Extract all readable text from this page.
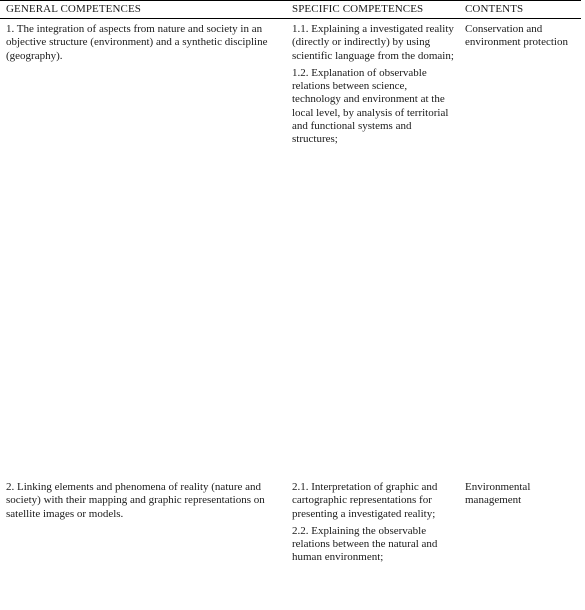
GENERAL COMPETENCES	SPECIFIC COMPETENCES	CONTENTS
1. The integration of aspects from nature and society in an objective structure (environment) and a synthetic discipline (geography).

1.1. Explaining a investigated reality (directly or indirectly) by using scientific language from the domain;

1.2. Explanation of observable relations between science, technology and environment at the local level, by analysis of territorial and functional systems and structures;

Conservation and environment protection
2. Linking elements and phenomena of reality (nature and society) with their mapping and graphic representations on satellite images or models.

2.1. Interpretation of graphic and cartographic representations for presenting a investigated reality;

2.2. Explaining the observable relations between the natural and human environment;

Environmental management
